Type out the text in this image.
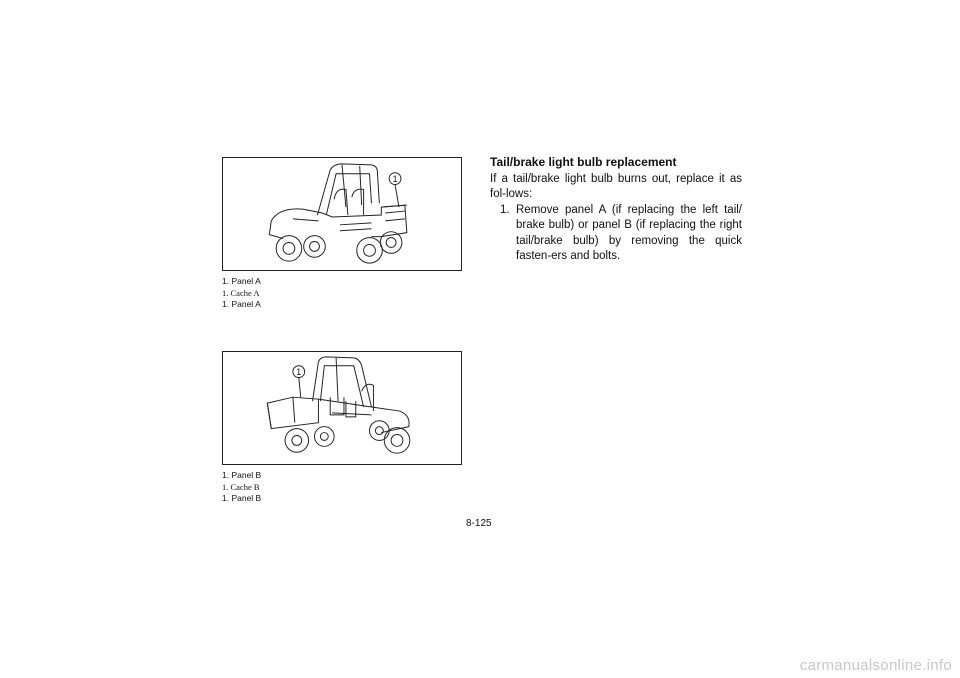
1
1. Panel A
1. Cache A
1. Panel A
1
1. Panel B
1. Cache B
1. Panel B
Tail/brake light bulb replacement
If a tail/brake light bulb burns out, replace it as fol-lows:
1. Remove panel A (if replacing the left tail/ brake bulb) or panel B (if replacing the right tail/brake bulb) by removing the quick fasten-ers and bolts.
8-125
carmanualsonline.info
